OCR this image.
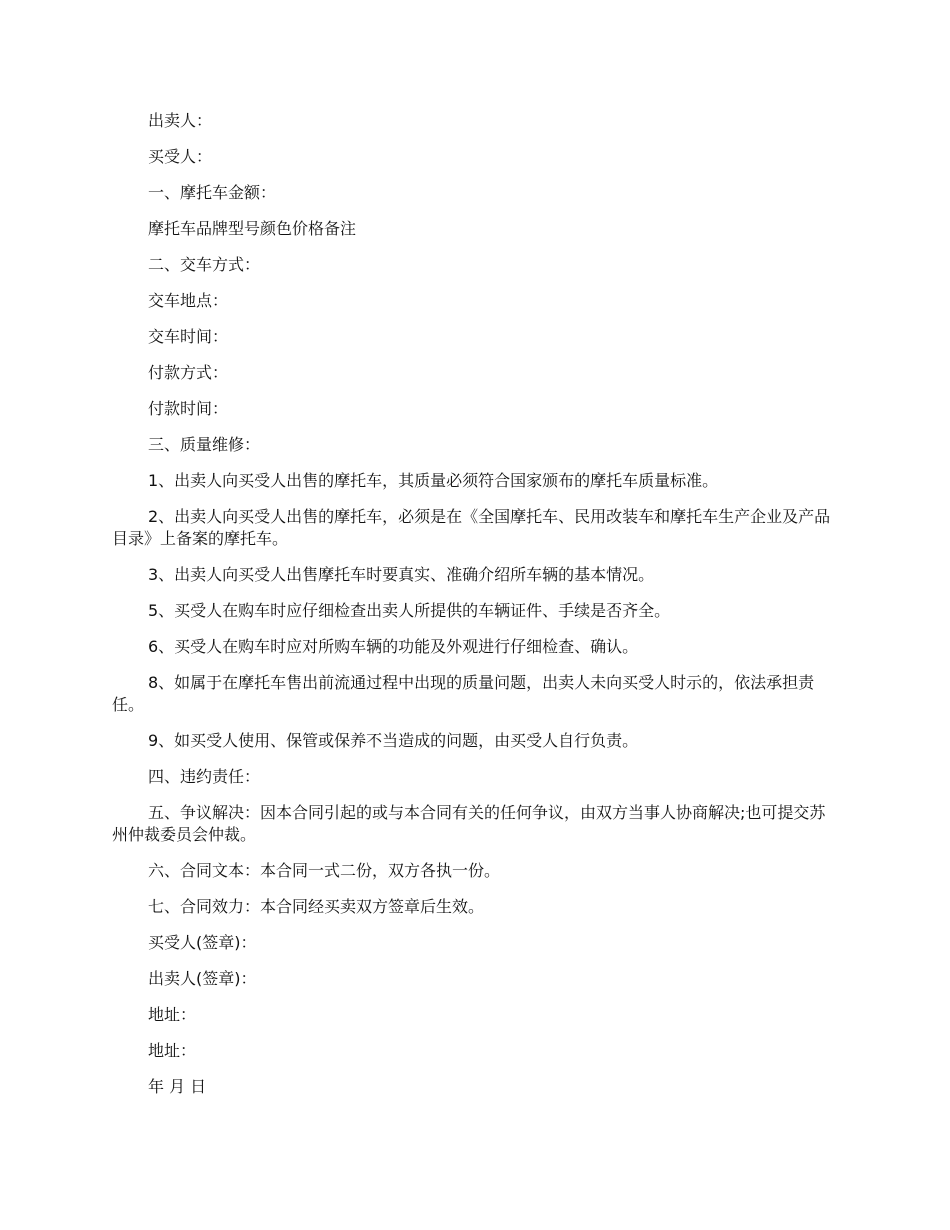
出卖人：

买受人：

一、摩托车金额：

摩托车品牌型号颜色价格备注

二、交车方式：

交车地点：

交车时间：

付款方式：

付款时间：

三、质量维修：

1、出卖人向买受人出售的摩托车，其质量必须符合国家颁布的摩托车质量标准。

2、出卖人向买受人出售的摩托车，必须是在《全国摩托车、民用改装车和摩托车生产企业及产品目录》上备案的摩托车。

3、出卖人向买受人出售摩托车时要真实、准确介绍所车辆的基本情况。

5、买受人在购车时应仔细检查出卖人所提供的车辆证件、手续是否齐全。

6、买受人在购车时应对所购车辆的功能及外观进行仔细检查、确认。

8、如属于在摩托车售出前流通过程中出现的质量问题，出卖人未向买受人时示的，依法承担责任。

9、如买受人使用、保管或保养不当造成的问题，由买受人自行负责。

四、违约责任：

五、争议解决：因本合同引起的或与本合同有关的任何争议，由双方当事人协商解决;也可提交苏州仲裁委员会仲裁。

六、合同文本：本合同一式二份，双方各执一份。

七、合同效力：本合同经买卖双方签章后生效。

买受人(签章)：

出卖人(签章)：

地址：

地址：

年 月 日
